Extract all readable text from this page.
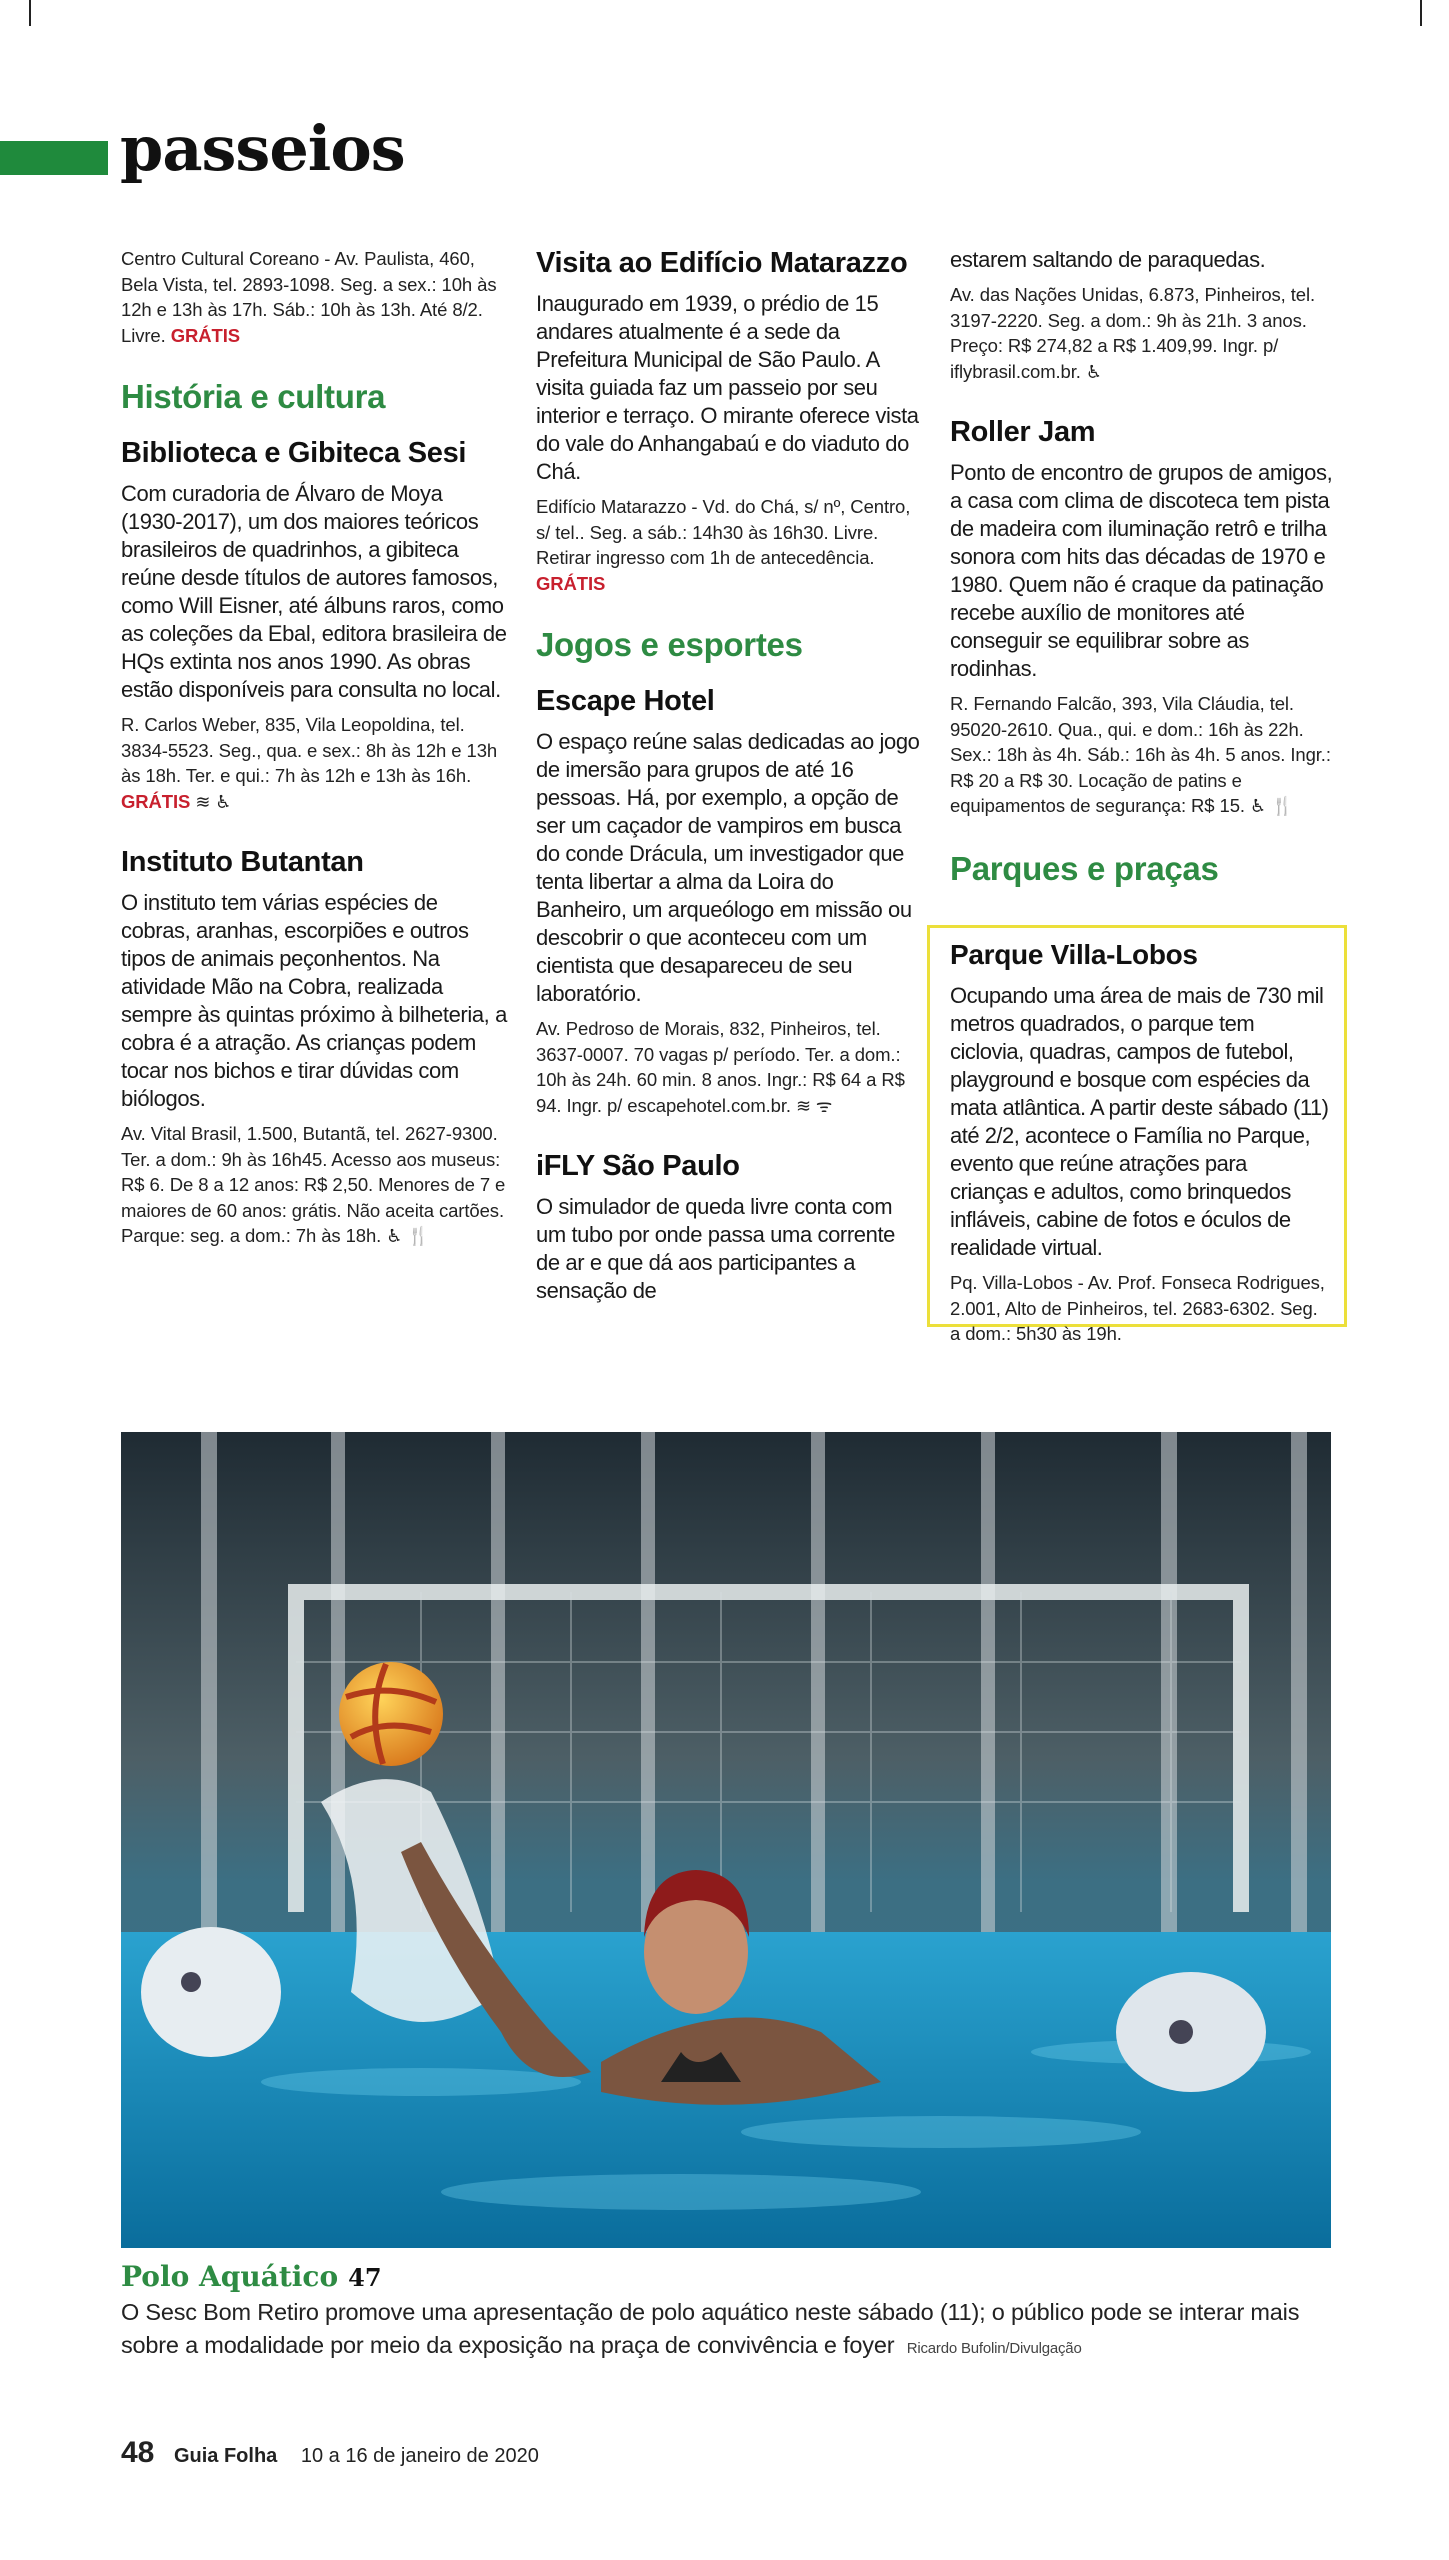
passeios

Centro Cultural Coreano - Av. Paulista, 460, Bela Vista, tel. 2893-1098. Seg. a sex.: 10h às 12h e 13h às 17h. Sáb.: 10h às 13h. Até 8/2. Livre. GRÁTIS

História e cultura
Biblioteca e Gibiteca Sesi

Com curadoria de Álvaro de Moya (1930-2017), um dos maiores teóricos brasileiros de quadrinhos, a gibiteca reúne desde títulos de autores famosos, como Will Eisner, até álbuns raros, como as coleções da Ebal, editora brasileira de HQs extinta nos anos 1990. As obras estão disponíveis para consulta no local.

R. Carlos Weber, 835, Vila Leopoldina, tel. 3834-5523. Seg., qua. e sex.: 8h às 12h e 13h às 18h. Ter. e qui.: 7h às 12h e 13h às 16h. GRÁTIS ≋ ♿

Instituto Butantan

O instituto tem várias espécies de cobras, aranhas, escorpiões e outros tipos de animais peçonhentos. Na atividade Mão na Cobra, realizada sempre às quintas próximo à bilheteria, a cobra é a atração. As crianças podem tocar nos bichos e tirar dúvidas com biólogos.

Av. Vital Brasil, 1.500, Butantã, tel. 2627-9300. Ter. a dom.: 9h às 16h45. Acesso aos museus: R$ 6. De 8 a 12 anos: R$ 2,50. Menores de 7 e maiores de 60 anos: grátis. Não aceita cartões. Parque: seg. a dom.: 7h às 18h. ♿ 🍴

Visita ao Edifício Matarazzo

Inaugurado em 1939, o prédio de 15 andares atualmente é a sede da Prefeitura Municipal de São Paulo. A visita guiada faz um passeio por seu interior e terraço. O mirante oferece vista do vale do Anhangabaú e do viaduto do Chá.

Edifício Matarazzo - Vd. do Chá, s/ nº, Centro, s/ tel.. Seg. a sáb.: 14h30 às 16h30. Livre. Retirar ingresso com 1h de antecedência. GRÁTIS

Jogos e esportes
Escape Hotel

O espaço reúne salas dedicadas ao jogo de imersão para grupos de até 16 pessoas. Há, por exemplo, a opção de ser um caçador de vampiros em busca do conde Drácula, um investigador que tenta libertar a alma da Loira do Banheiro, um arqueólogo em missão ou descobrir o que aconteceu com um cientista que desapareceu de seu laboratório.

Av. Pedroso de Morais, 832, Pinheiros, tel. 3637-0007. 70 vagas p/ período. Ter. a dom.: 10h às 24h. 60 min. 8 anos. Ingr.: R$ 64 a R$ 94. Ingr. p/ escapehotel.com.br. ≋ ᯤ

iFLY São Paulo

O simulador de queda livre conta com um tubo por onde passa uma corrente de ar e que dá aos participantes a sensação de

estarem saltando de paraquedas.

Av. das Nações Unidas, 6.873, Pinheiros, tel. 3197-2220. Seg. a dom.: 9h às 21h. 3 anos. Preço: R$ 274,82 a R$ 1.409,99. Ingr. p/ iflybrasil.com.br. ♿

Roller Jam

Ponto de encontro de grupos de amigos, a casa com clima de discoteca tem pista de madeira com iluminação retrô e trilha sonora com hits das décadas de 1970 e 1980. Quem não é craque da patinação recebe auxílio de monitores até conseguir se equilibrar sobre as rodinhas.

R. Fernando Falcão, 393, Vila Cláudia, tel. 95020-2610. Qua., qui. e dom.: 16h às 22h. Sex.: 18h às 4h. Sáb.: 16h às 4h. 5 anos. Ingr.: R$ 20 a R$ 30. Locação de patins e equipamentos de segurança: R$ 15. ♿ 🍴

Parques e praças
Parque Villa-Lobos

Ocupando uma área de mais de 730 mil metros quadrados, o parque tem ciclovia, quadras, campos de futebol, playground e bosque com espécies da mata atlântica. A partir deste sábado (11) até 2/2, acontece o Família no Parque, evento que reúne atrações para crianças e adultos, como brinquedos infláveis, cabine de fotos e óculos de realidade virtual.

Pq. Villa-Lobos - Av. Prof. Fonseca Rodrigues, 2.001, Alto de Pinheiros, tel. 2683-6302. Seg. a dom.: 5h30 às 19h.

Polo Aquático 47

O Sesc Bom Retiro promove uma apresentação de polo aquático neste sábado (11); o público pode se interar mais sobre a modalidade por meio da exposição na praça de convivência e foyer Ricardo Bufolin/Divulgação

48 Guia Folha 10 a 16 de janeiro de 2020
